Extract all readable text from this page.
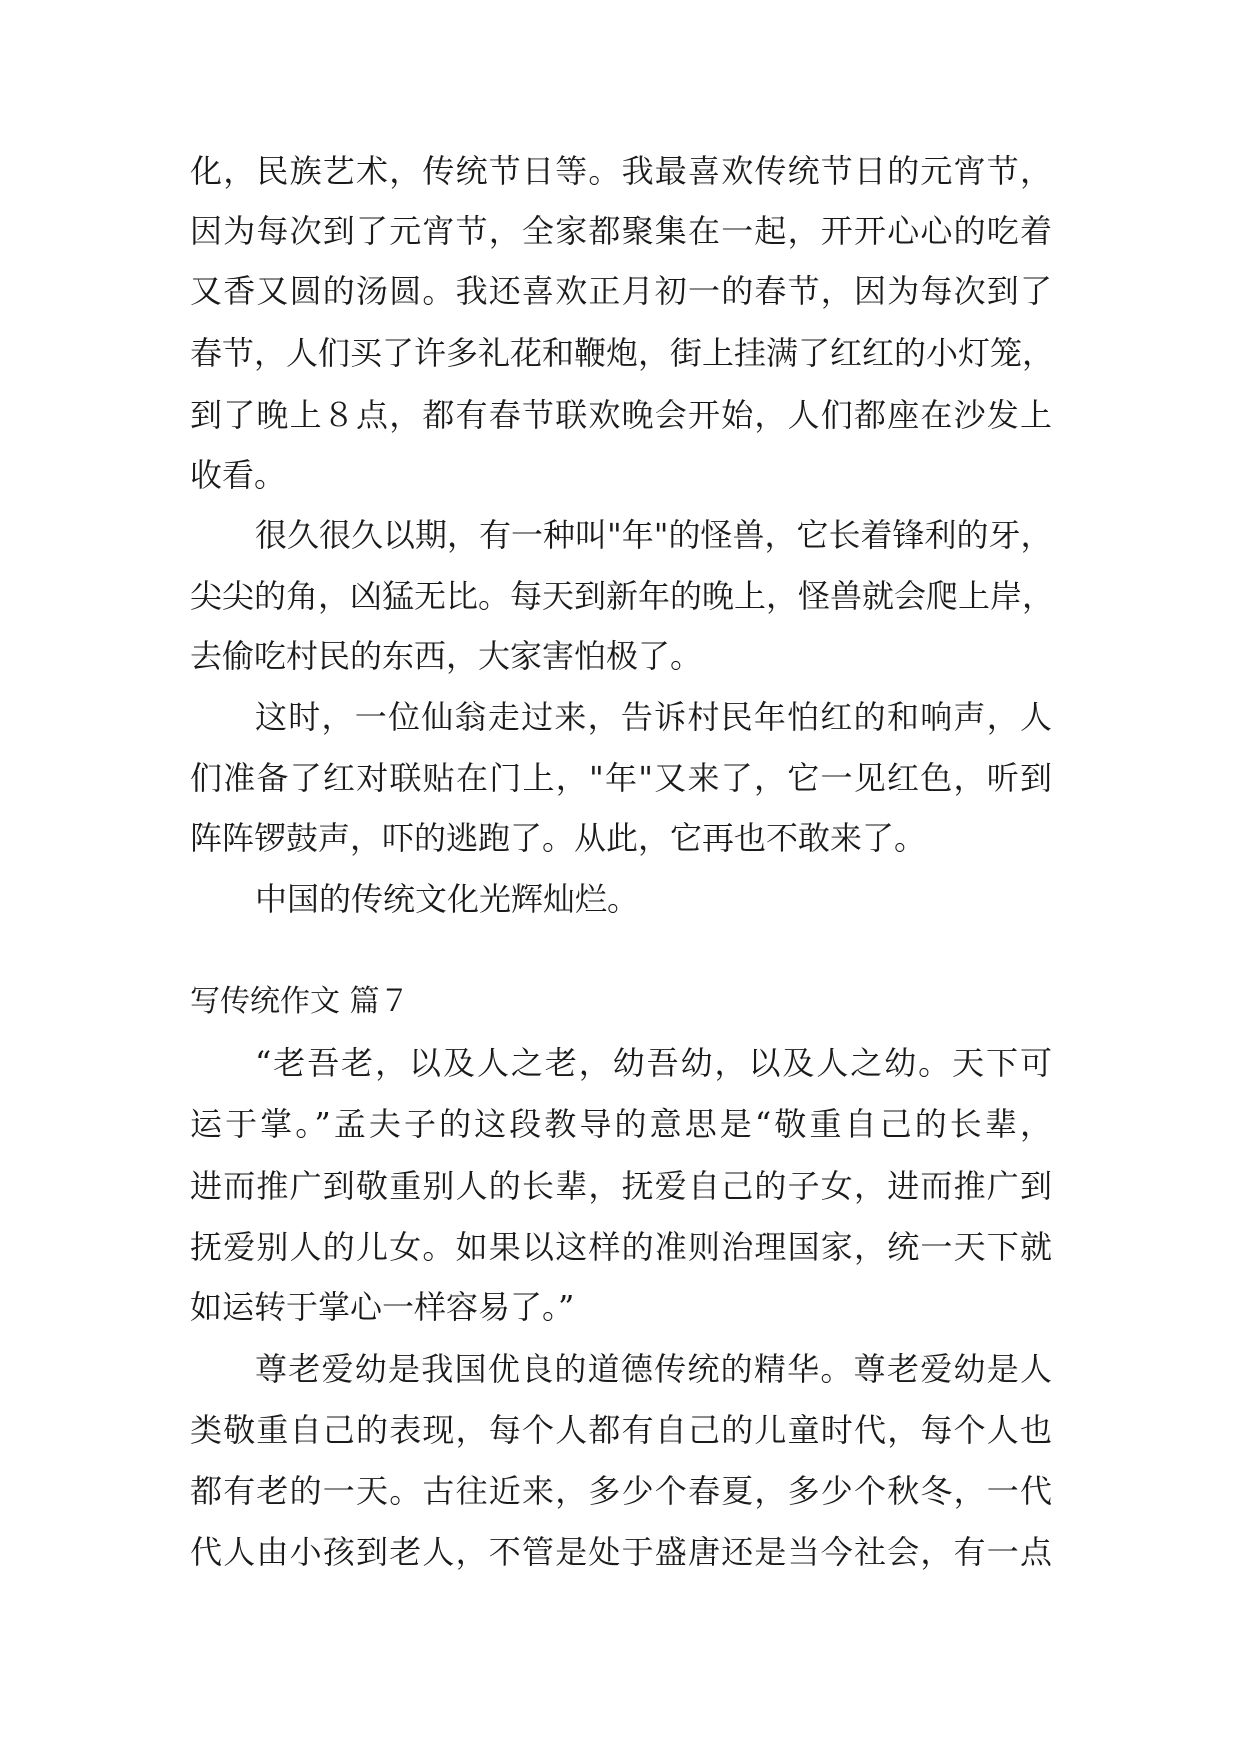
化，民族艺术，传统节日等。我最喜欢传统节日的元宵节，
因为每次到了元宵节，全家都聚集在一起，开开心心的吃着
又香又圆的汤圆。我还喜欢正月初一的春节，因为每次到了
春节，人们买了许多礼花和鞭炮，街上挂满了红红的小灯笼，
到了晚上８点，都有春节联欢晚会开始，人们都座在沙发上
收看。
很久很久以期，有一种叫"年"的怪兽，它长着锋利的牙，
尖尖的角，凶猛无比。每天到新年的晚上，怪兽就会爬上岸，
去偷吃村民的东西，大家害怕极了。
这时，一位仙翁走过来，告诉村民年怕红的和响声，人
们准备了红对联贴在门上，"年"又来了，它一见红色，听到
阵阵锣鼓声，吓的逃跑了。从此，它再也不敢来了。
中国的传统文化光辉灿烂。
写传统作文 篇７
“老吾老，以及人之老，幼吾幼，以及人之幼。天下可
运于掌。”孟夫子的这段教导的意思是“敬重自己的长辈，
进而推广到敬重别人的长辈，抚爱自己的子女，进而推广到
抚爱别人的儿女。如果以这样的准则治理国家，统一天下就
如运转于掌心一样容易了。”
尊老爱幼是我国优良的道德传统的精华。尊老爱幼是人
类敬重自己的表现，每个人都有自己的儿童时代，每个人也
都有老的一天。古往近来，多少个春夏，多少个秋冬，一代
代人由小孩到老人，不管是处于盛唐还是当今社会，有一点
